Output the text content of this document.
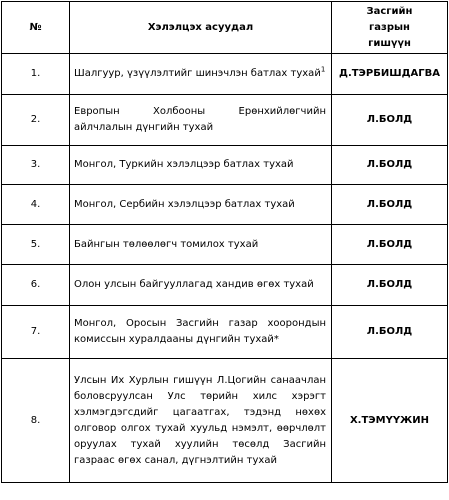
№	Хэлэлцэх асуудал	Засгийн газрын гишүүн
1.	Шалгуур, үзүүлэлтийг шинэчлэн батлах тухай$^1$	Д.ТЭРБИШДАГВА
2.	Европын Холбооны Ерөнхийлөгчийн айлчлалын дүнгийн тухай	Л.БОЛД
3.	Монгол, Туркийн хэлэлцээр батлах тухай	Л.БОЛД
4.	Монгол, Сербийн хэлэлцээр батлах тухай	Л.БОЛД
5.	Байнгын төлөөлөгч томилох тухай	Л.БОЛД
6.	Олон улсын байгууллагад хандив өгөх тухай	Л.БОЛД
7.	Монгол, Оросын Засгийн газар хоорондын комиссын хуралдааны дүнгийн тухай*	Л.БОЛД
8.	Улсын Их Хурлын гишүүн Л.Цогийн санаачлан боловсруулсан Улс төрийн хилс хэрэгт хэлмэгдэгсдийг цагаатгах, тэдэнд нөхөх олговор олгох тухай хуульд нэмэлт, өөрчлөлт оруулах тухай хуулийн төсөлд Засгийн газраас өгөх санал, дүгнэлтийн тухай	Х.ТЭМҮҮЖИН
